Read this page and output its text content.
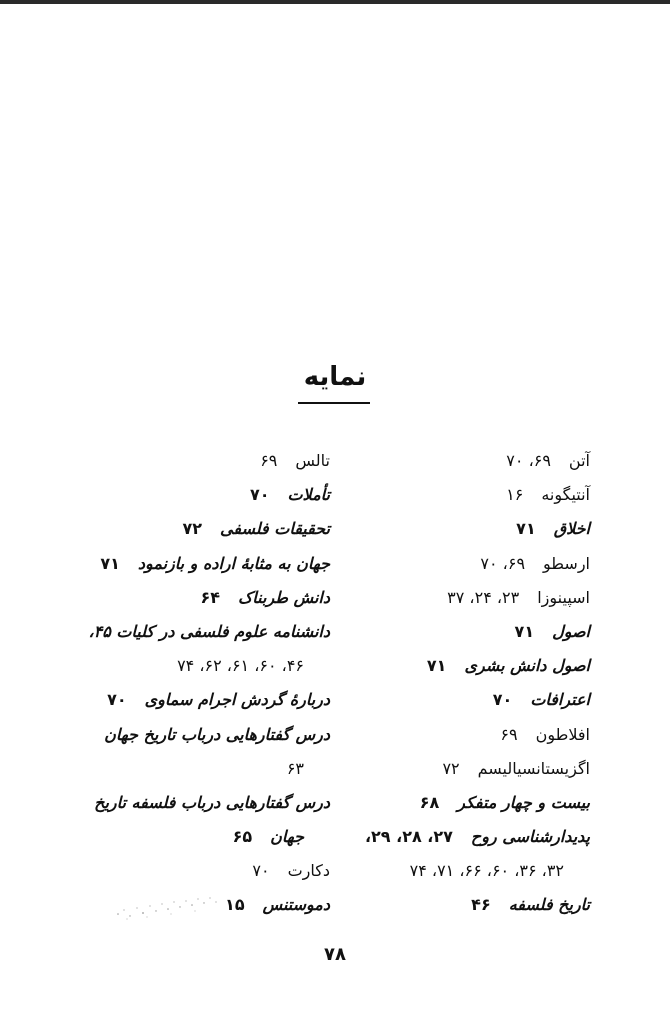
نمایه
آتن۶۹، ۷۰
آنتیگونه۱۶
اخلاق۷۱
ارسطو۶۹، ۷۰
اسپینوزا۲۳، ۲۴، ۳۷
اصول۷۱
اصول دانش بشری۷۱
اعترافات۷۰
افلاطون۶۹
اگزیستانسیالیسم۷۲
بیست و چهار متفکر۶۸
پدیدارشناسی روح۲۷، ۲۸، ۲۹،
۳۲، ۳۶، ۶۰، ۶۶، ۷۱، ۷۴
تاریخ فلسفه۴۶
تالس۶۹
تأملات۷۰
تحقیقات فلسفی۷۲
جهان به مثابهٔ اراده و بازنمود۷۱
دانش طربناک۶۴
دانشنامه علوم فلسفی در کلیات ۴۵،
۴۶، ۶۰، ۶۱، ۶۲، ۷۴
دربارهٔ گردش اجرام سماوی۷۰
درس گفتارهایی درباب تاریخ جهان
۶۳
درس گفتارهایی درباب فلسفه تاریخ
جهان۶۵
دکارت۷۰
دموستنس۱۵
۷۸
